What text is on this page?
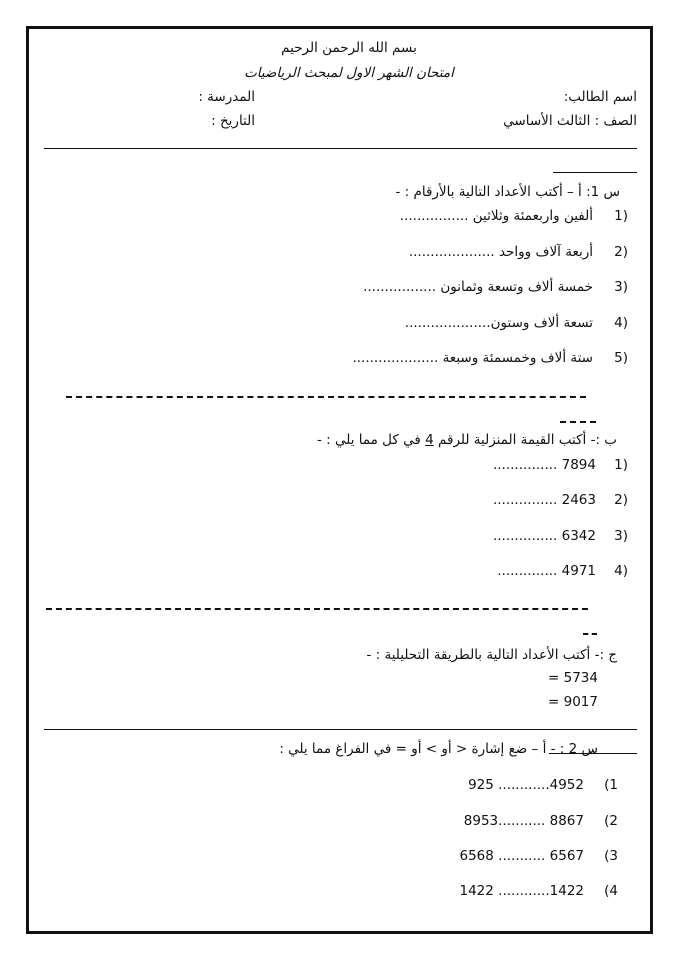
بسم الله الرحمن الرحيم
امتحان الشهر الاول لمبحث الرياضيات
اسم الطالب:
المدرسة :
الصف : الثالث الأساسي
التاريخ :
س 1: أ – أكتب الأعداد التالية بالأرقام : -
1)
ألفين واربعمئة وثلاثين ................
2)
أربعة آلاف وواحد ....................
3)
خمسة ألاف وتسعة وثمانون .................
4)
تسعة ألاف وستون....................
5)
ستة ألاف وخمسمئة وسبعة ....................
ب :- أكتب القيمة المنزلية للرقم 4 في كل مما يلي : -
1)
............... 7894
2)
............... 2463
3)
............... 6342
4)
.............. 4971
ج :- أكتب الأعداد التالية بالطريقة التحليلية : -
= 5734
= 9017
س 2 : - أ – ضع إشارة < أو > أو = في الفراغ مما يلي :
(1
925 ............4952
(2
8953........... 8867
(3
6568 ........... 6567
(4
1422 ............1422
